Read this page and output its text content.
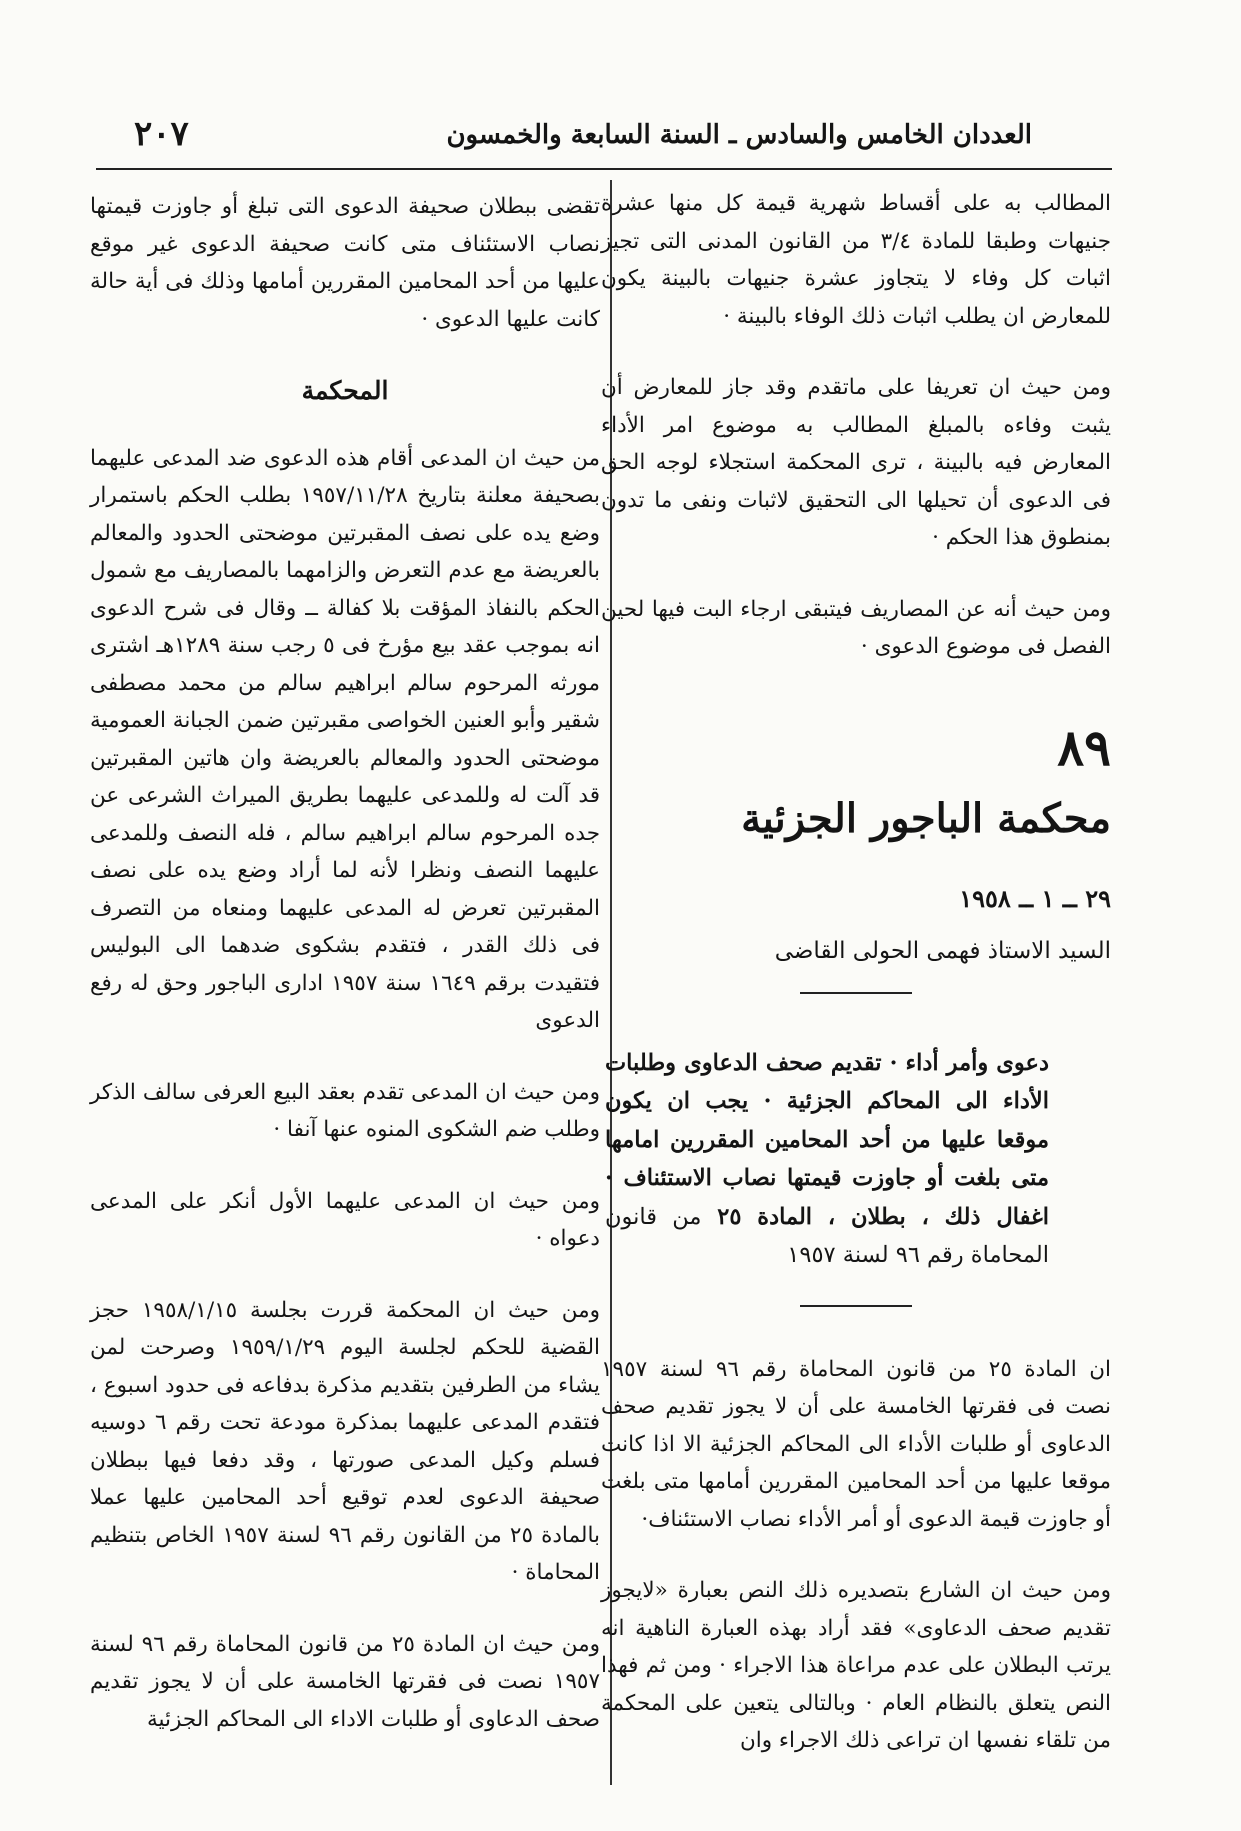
العددان الخامس والسادس ـ السنة السابعة والخمسون
٢٠٧

المطالب به على أقساط شهرية قيمة كل منها عشرة جنيهات وطبقا للمادة ٣/٤ من القانون المدنى التى تجيز اثبات كل وفاء لا يتجاوز عشرة جنيهات بالبينة يكون للمعارض ان يطلب اثبات ذلك الوفاء بالبينة ·

ومن حيث ان تعريفا على ماتقدم وقد جاز للمعارض أن يثبت وفاءه بالمبلغ المطالب به موضوع امر الأداء المعارض فيه بالبينة ، ترى المحكمة استجلاء لوجه الحق فى الدعوى أن تحيلها الى التحقيق لاثبات ونفى ما تدون بمنطوق هذا الحكم ·

ومن حيث أنه عن المصاريف فيتبقى ارجاء البت فيها لحين الفصل فى موضوع الدعوى ·

٨٩
محكمة الباجور الجزئية
٢٩ ــ ١ ــ ١٩٥٨
السيد الاستاذ فهمى الحولى القاضى

دعوى وأمر أداء · تقديم صحف الدعاوى وطلبات الأداء الى المحاكم الجزئية · يجب ان يكون موقعا عليها من أحد المحامين المقررين امامها متى بلغت أو جاوزت قيمتها نصاب الاستئناف · اغفال ذلك ، بطلان ، المادة ٢٥ من قانون المحاماة رقم ٩٦ لسنة ١٩٥٧

ان المادة ٢٥ من قانون المحاماة رقم ٩٦ لسنة ١٩٥٧ نصت فى فقرتها الخامسة على أن لا يجوز تقديم صحف الدعاوى أو طلبات الأداء الى المحاكم الجزئية الا اذا كانت موقعا عليها من أحد المحامين المقررين أمامها متى بلغت أو جاوزت قيمة الدعوى أو أمر الأداء نصاب الاستئناف·

ومن حيث ان الشارع بتصديره ذلك النص بعبارة «لايجوز تقديم صحف الدعاوى» فقد أراد بهذه العبارة الناهية انه يرتب البطلان على عدم مراعاة هذا الاجراء · ومن ثم فهذا النص يتعلق بالنظام العام · وبالتالى يتعين على المحكمة من تلقاء نفسها ان تراعى ذلك الاجراء وان

تقضى ببطلان صحيفة الدعوى التى تبلغ أو جاوزت قيمتها نصاب الاستئناف متى كانت صحيفة الدعوى غير موقع عليها من أحد المحامين المقررين أمامها وذلك فى أية حالة كانت عليها الدعوى ·

المحكمة

من حيث ان المدعى أقام هذه الدعوى ضد المدعى عليهما بصحيفة معلنة بتاريخ ١٩٥٧/١١/٢٨ بطلب الحكم باستمرار وضع يده على نصف المقبرتين موضحتى الحدود والمعالم بالعريضة مع عدم التعرض والزامهما بالمصاريف مع شمول الحكم بالنفاذ المؤقت بلا كفالة ــ وقال فى شرح الدعوى انه بموجب عقد بيع مؤرخ فى ٥ رجب سنة ١٢٨٩هـ اشترى مورثه المرحوم سالم ابراهيم سالم من محمد مصطفى شقير وأبو العنين الخواصى مقبرتين ضمن الجبانة العمومية موضحتى الحدود والمعالم بالعريضة وان هاتين المقبرتين قد آلت له وللمدعى عليهما بطريق الميراث الشرعى عن جده المرحوم سالم ابراهيم سالم ، فله النصف وللمدعى عليهما النصف ونظرا لأنه لما أراد وضع يده على نصف المقبرتين تعرض له المدعى عليهما ومنعاه من التصرف فى ذلك القدر ، فتقدم بشكوى ضدهما الى البوليس فتقيدت برقم ١٦٤٩ سنة ١٩٥٧ ادارى الباجور وحق له رفع الدعوى

ومن حيث ان المدعى تقدم بعقد البيع العرفى سالف الذكر وطلب ضم الشكوى المنوه عنها آنفا ·

ومن حيث ان المدعى عليهما الأول أنكر على المدعى دعواه ·

ومن حيث ان المحكمة قررت بجلسة ١٩٥٨/١/١٥ حجز القضية للحكم لجلسة اليوم ١٩٥٩/١/٢٩ وصرحت لمن يشاء من الطرفين بتقديم مذكرة بدفاعه فى حدود اسبوع ، فتقدم المدعى عليهما بمذكرة مودعة تحت رقم ٦ دوسيه فسلم وكيل المدعى صورتها ، وقد دفعا فيها ببطلان صحيفة الدعوى لعدم توقيع أحد المحامين عليها عملا بالمادة ٢٥ من القانون رقم ٩٦ لسنة ١٩٥٧ الخاص بتنظيم المحاماة ·

ومن حيث ان المادة ٢٥ من قانون المحاماة رقم ٩٦ لسنة ١٩٥٧ نصت فى فقرتها الخامسة على أن لا يجوز تقديم صحف الدعاوى أو طلبات الاداء الى المحاكم الجزئية
